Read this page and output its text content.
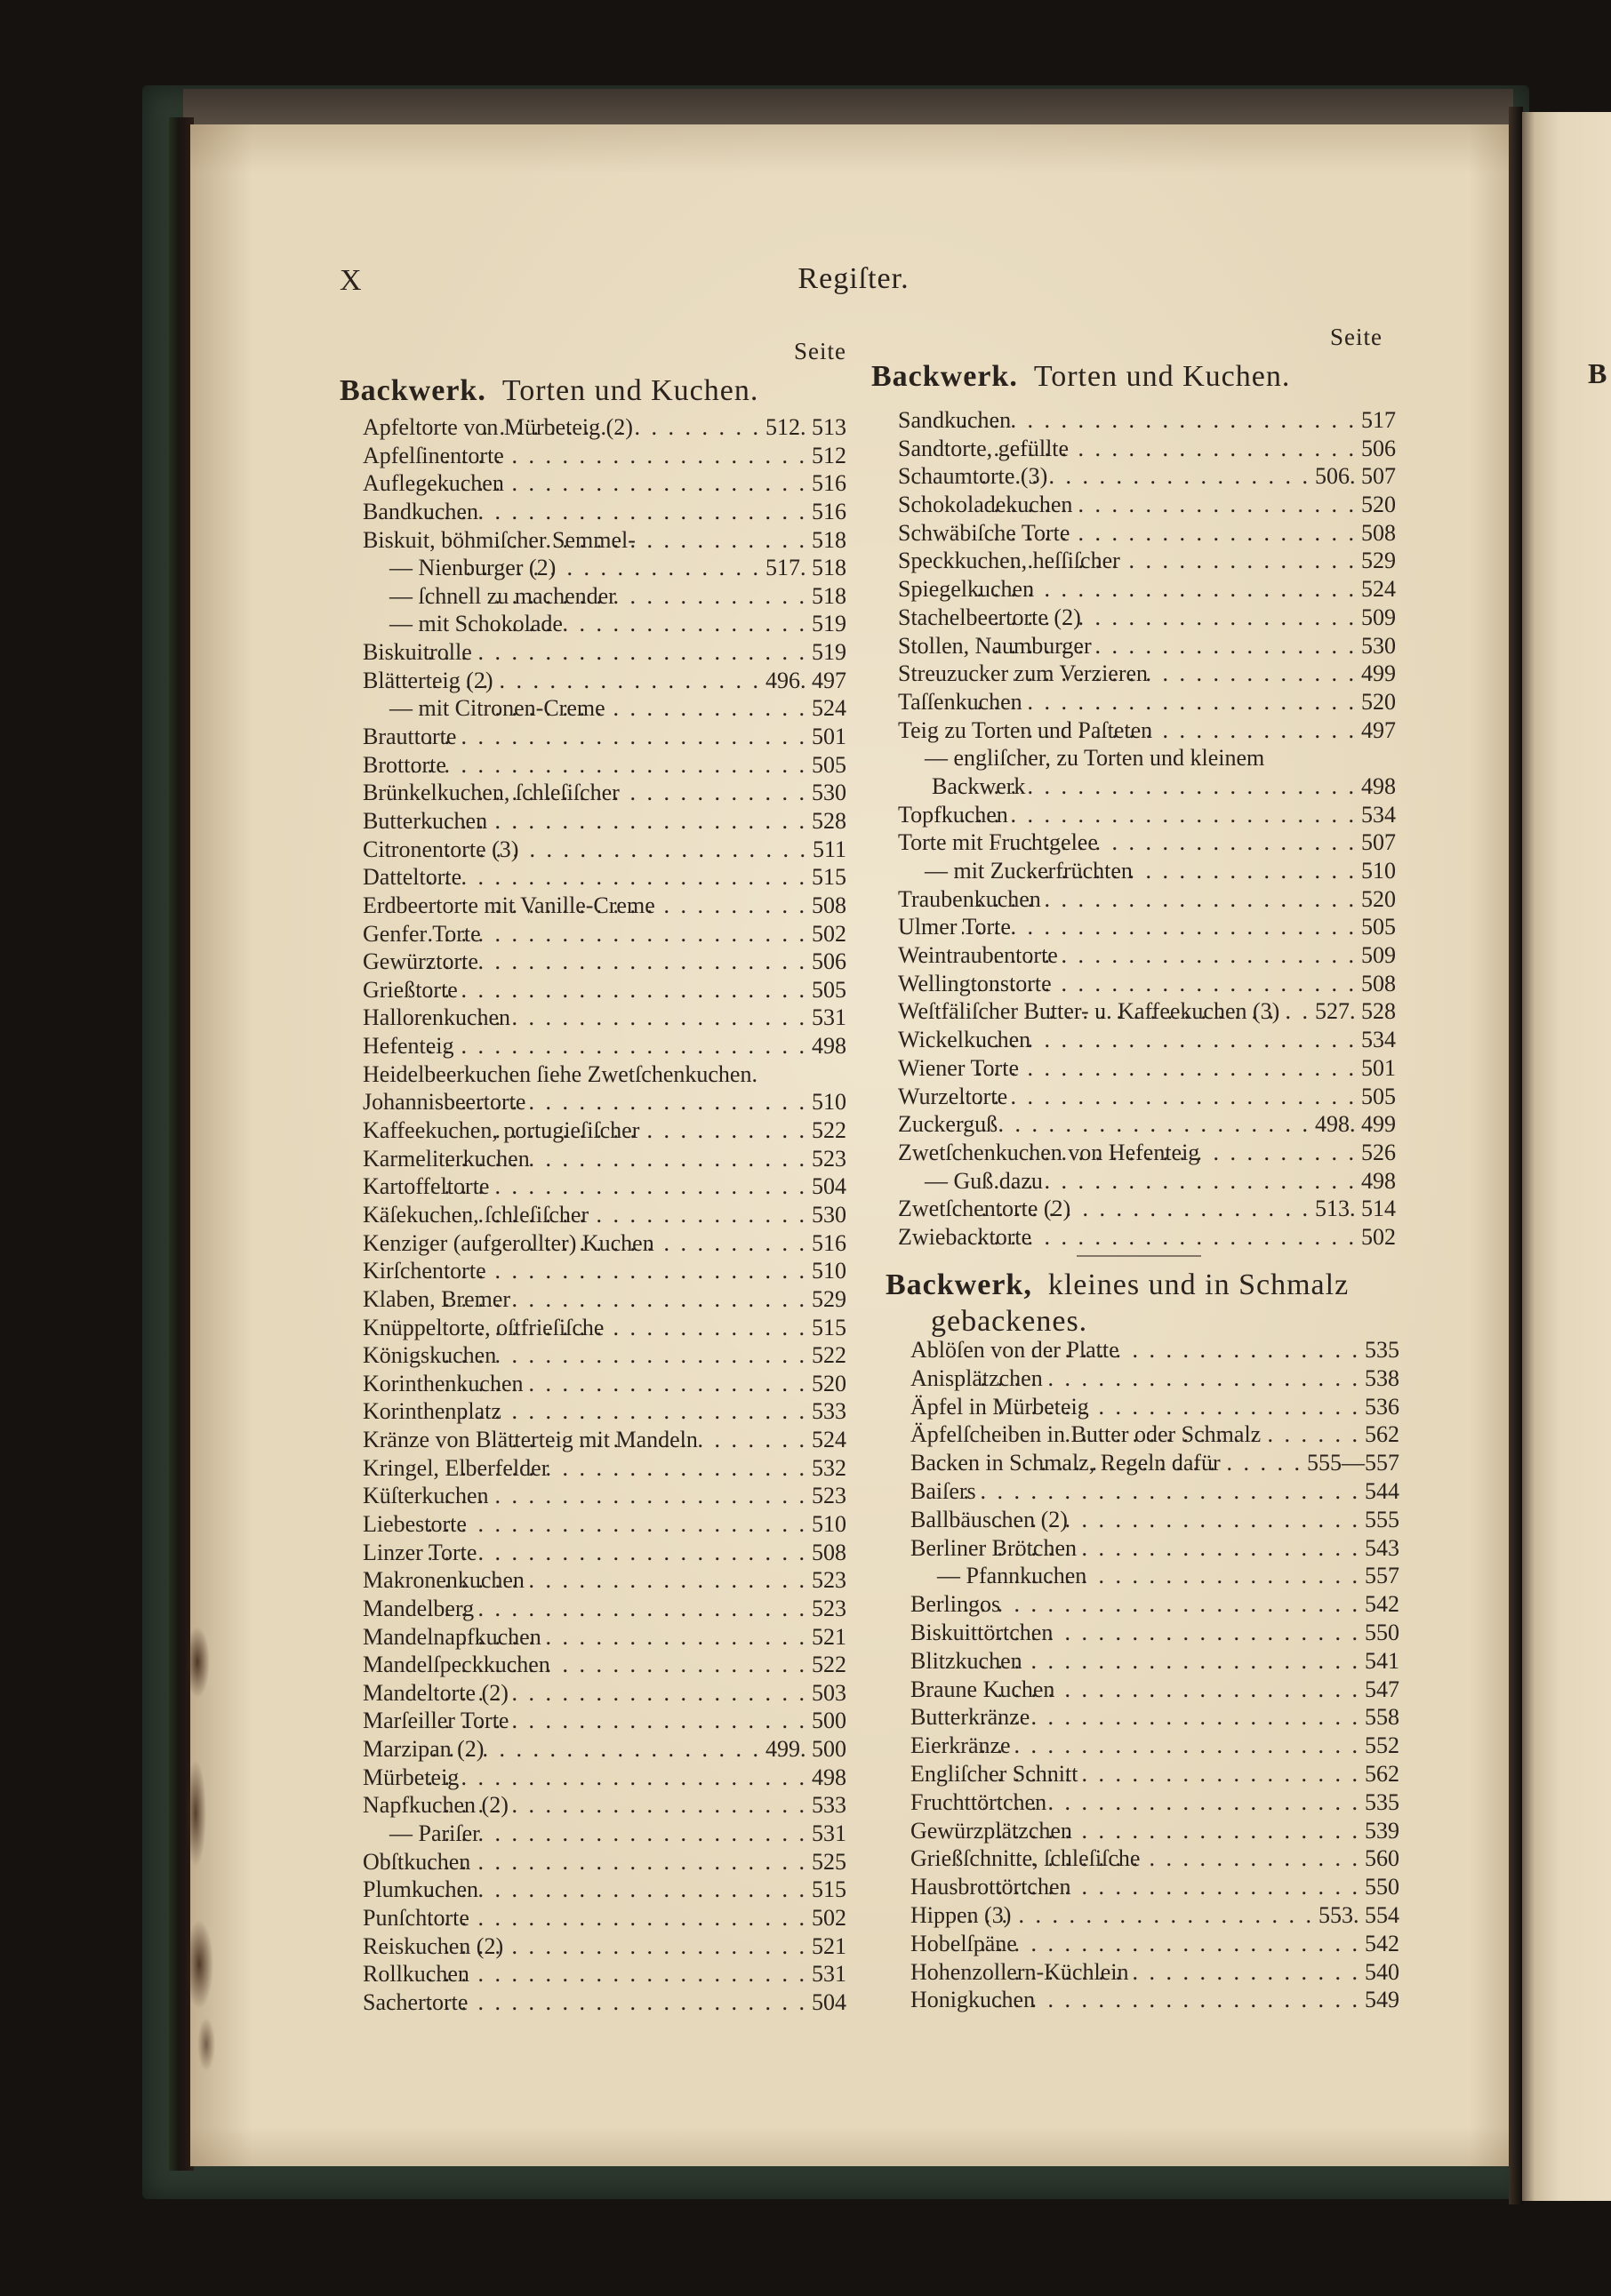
B
X	Regiſter.
Seite
Backwerk. Torten und Kuchen.
Apfeltorte von Mürbeteig (2) . . .	512. 513
Apfelſinentorte . . .	512
Auflegekuchen . . .	516
Bandkuchen . . .	516
Biskuit, böhmiſcher Semmel- . . .	518
— Nienburger (2) . . .	517. 518
— ſchnell zu machender . . .	518
— mit Schokolade . . .	519
Biskuitrolle . . .	519
Blätterteig (2) . . .	496. 497
— mit Citronen-Creme . . .	524
Brauttorte . . .	501
Brottorte . . .	505
Brünkelkuchen, ſchleſiſcher . . .	530
Butterkuchen . . .	528
Citronentorte (3) . . .	511
Datteltorte . . .	515
Erdbeertorte mit Vanille-Creme . . .	508
Genfer Torte . . .	502
Gewürztorte . . .	506
Grießtorte . . .	505
Hallorenkuchen . . .	531
Hefenteig . . .	498
Heidelbeerkuchen ſiehe Zwetſchenkuchen.
Johannisbeertorte . . .	510
Kaffeekuchen, portugieſiſcher . . .	522
Karmeliterkuchen . . .	523
Kartoffeltorte . . .	504
Käſekuchen, ſchleſiſcher . . .	530
Kenziger (aufgerollter) Kuchen . . .	516
Kirſchentorte . . .	510
Klaben, Bremer . . .	529
Knüppeltorte, oſtfrieſiſche . . .	515
Königskuchen . . .	522
Korinthenkuchen . . .	520
Korinthenplatz . . .	533
Kränze von Blätterteig mit Mandeln . . .	524
Kringel, Elberfelder . . .	532
Küſterkuchen . . .	523
Liebestorte . . .	510
Linzer Torte . . .	508
Makronenkuchen . . .	523
Mandelberg . . .	523
Mandelnapfkuchen . . .	521
Mandelſpeckkuchen . . .	522
Mandeltorte (2) . . .	503
Marſeiller Torte . . .	500
Marzipan (2) . . .	499. 500
Mürbeteig . . .	498
Napfkuchen (2) . . .	533
— Pariſer . . .	531
Obſtkuchen . . .	525
Plumkuchen . . .	515
Punſchtorte . . .	502
Reiskuchen (2) . . .	521
Rollkuchen . . .	531
Sachertorte . . .	504
Seite
Backwerk. Torten und Kuchen.
Sandkuchen . . .	517
Sandtorte, gefüllte . . .	506
Schaumtorte (3) . . .	506. 507
Schokoladekuchen . . .	520
Schwäbiſche Torte . . .	508
Speckkuchen, heſſiſcher . . .	529
Spiegelkuchen . . .	524
Stachelbeertorte (2) . . .	509
Stollen, Naumburger . . .	530
Streuzucker zum Verzieren . . .	499
Taſſenkuchen . . .	520
Teig zu Torten und Paſteten . . .	497
— engliſcher, zu Torten und kleinem
Backwerk . . .	498
Topfkuchen . . .	534
Torte mit Fruchtgelee . . .	507
— mit Zuckerfrüchten . . .	510
Traubenkuchen . . .	520
Ulmer Torte . . .	505
Weintraubentorte . . .	509
Wellingtonstorte . . .	508
Weſtfäliſcher Butter- u. Kaffeekuchen (3) . . . 527. 528
Wickelkuchen . . .	534
Wiener Torte . . .	501
Wurzeltorte . . .	505
Zuckerguß . . .	498. 499
Zwetſchenkuchen von Hefenteig . . .	526
— Guß dazu . . .	498
Zwetſchentorte (2) . . .	513. 514
Zwiebacktorte . . .	502
Backwerk, kleines und in Schmalz
gebackenes.
Ablöſen von der Platte . . .	535
Anisplätzchen . . .	538
Äpfel in Mürbeteig . . .	536
Äpfelſcheiben in Butter oder Schmalz . . .	562
Backen in Schmalz, Regeln dafür . . .	555—557
Baiſers . . .	544
Ballbäuschen (2) . . .	555
Berliner Brötchen . . .	543
— Pfannkuchen . . .	557
Berlingos . . .	542
Biskuittörtchen . . .	550
Blitzkuchen . . .	541
Braune Kuchen . . .	547
Butterkränze . . .	558
Eierkränze . . .	552
Engliſcher Schnitt . . .	562
Fruchttörtchen . . .	535
Gewürzplätzchen . . .	539
Grießſchnitte, ſchleſiſche . . .	560
Hausbrottörtchen . . .	550
Hippen (3) . . .	553. 554
Hobelſpäne . . .	542
Hohenzollern-Küchlein . . .	540
Honigkuchen . . .	549
